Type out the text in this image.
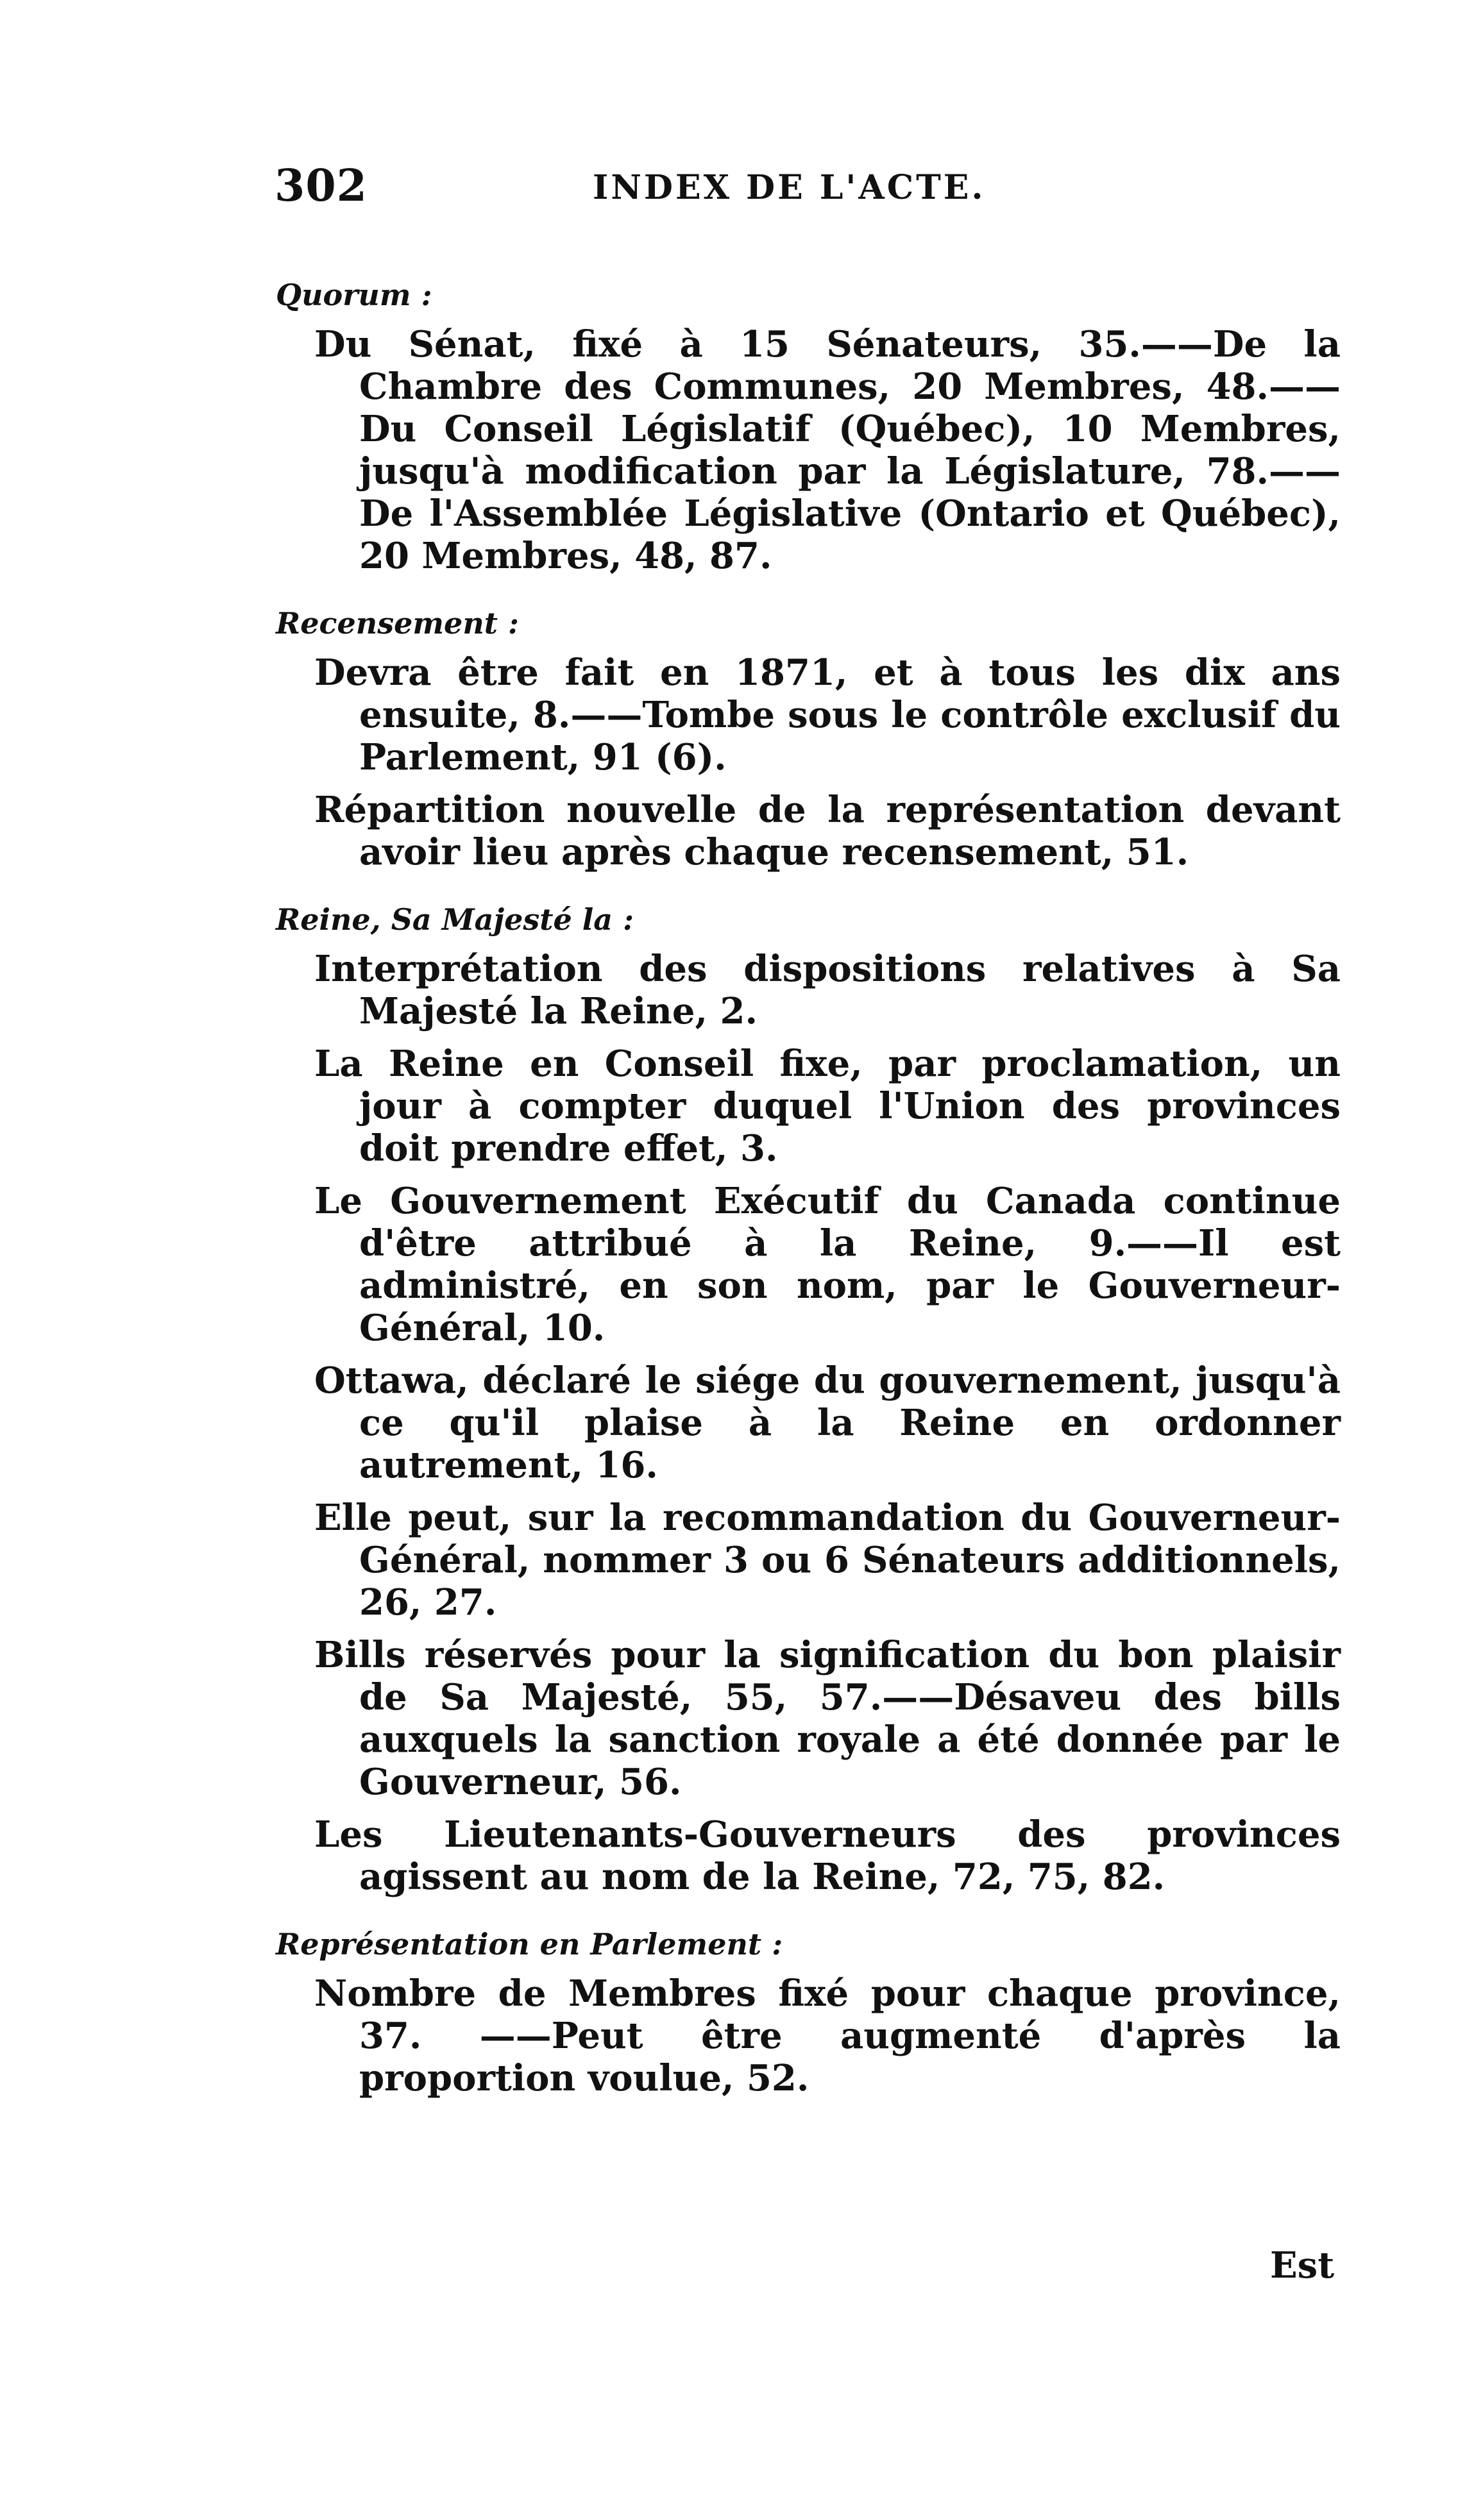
302	INDEX DE L'ACTE.
Quorum :
Du Sénat, fixé à 15 Sénateurs, 35.——De la Chambre des Communes, 20 Membres, 48.——Du Conseil Législatif (Québec), 10 Membres, jusqu'à modification par la Législature, 78.——De l'Assemblée Législative (Ontario et Québec), 20 Membres, 48, 87.
Recensement :
Devra être fait en 1871, et à tous les dix ans ensuite, 8.——Tombe sous le contrôle exclusif du Parlement, 91 (6).
Répartition nouvelle de la représentation devant avoir lieu après chaque recensement, 51.
Reine, Sa Majesté la :
Interprétation des dispositions relatives à Sa Majesté la Reine, 2.
La Reine en Conseil fixe, par proclamation, un jour à compter duquel l'Union des provinces doit prendre effet, 3.
Le Gouvernement Exécutif du Canada continue d'être attribué à la Reine, 9.——Il est administré, en son nom, par le Gouverneur-Général, 10.
Ottawa, déclaré le siége du gouvernement, jusqu'à ce qu'il plaise à la Reine en ordonner autrement, 16.
Elle peut, sur la recommandation du Gouverneur-Général, nommer 3 ou 6 Sénateurs additionnels, 26, 27.
Bills réservés pour la signification du bon plaisir de Sa Majesté, 55, 57.——Désaveu des bills auxquels la sanction royale a été donnée par le Gouverneur, 56.
Les Lieutenants-Gouverneurs des provinces agissent au nom de la Reine, 72, 75, 82.
Représentation en Parlement :
Nombre de Membres fixé pour chaque province, 37. ——Peut être augmenté d'après la proportion voulue, 52.
Est
